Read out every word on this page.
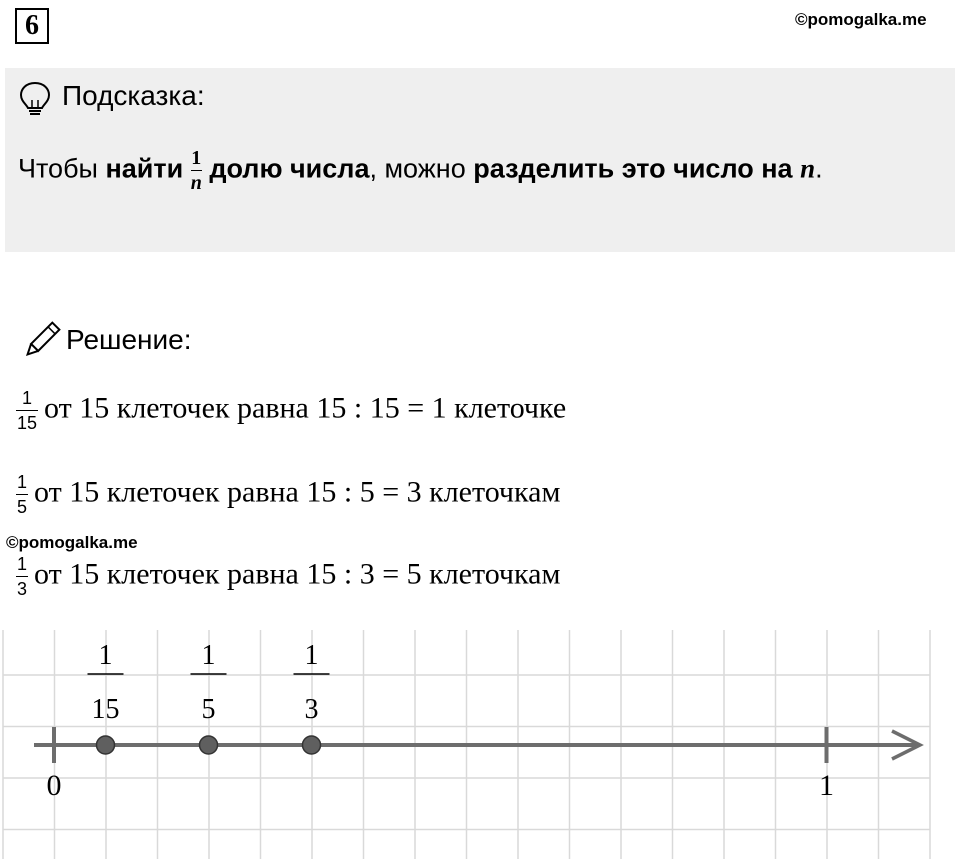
6	©pomogalka.me
Подсказка:
Чтобы найти $\frac{1}{n}$ долю числа, можно разделить это число на n.
Решение:
$\frac{1}{15}$ от 15 клеточек равна 15 : 15 = 1 клеточке
$\frac{1}{5}$ от 15 клеточек равна 15 : 5 = 3 клеточкам
©pomogalka.me
$\frac{1}{3}$ от 15 клеточек равна 15 : 3 = 5 клеточкам
0	1
1
15
1
5
1
3
